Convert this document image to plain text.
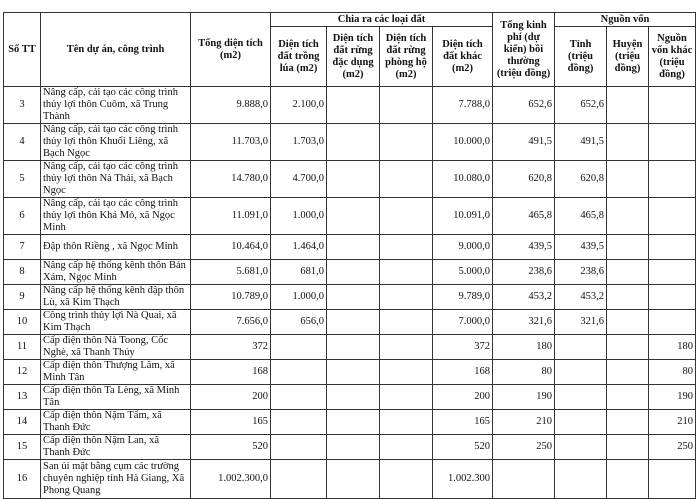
Số TT	Tên dự án, công trình	Tổng diện tích (m2)	Chia ra các loại đất				Tổng kinh phí (dự kiến) bồi thường (triệu đồng)	Nguồn vốn		
			Diện tích đất trồng lúa (m2)	Diện tích đất rừng đặc dụng (m2)	Diện tích đất rừng phòng hộ (m2)	Diện tích đất khác (m2)		Tỉnh (triệu đồng)	Huyện (triệu đồng)	Nguồn vốn khác (triệu đồng)
3	Nâng cấp, cải tạo các công trình thủy lợi thôn Cuôm, xã Trung Thành	9.888,0	2.100,0			7.788,0	652,6	652,6		
4	Nâng cấp, cải tạo các công trình thủy lợi thôn Khuổi Liêng, xã Bạch Ngọc	11.703,0	1.703,0			10.000,0	491,5	491,5		
5	Nâng cấp, cải tạo các công trình thủy lợi thôn Nà Thái, xã Bạch Ngọc	14.780,0	4.700,0			10.080,0	620,8	620,8		
6	Nâng cấp, cải tạo các công trình thủy lợi thôn Khả Mỏ, xã Ngọc Minh	11.091,0	1.000,0			10.091,0	465,8	465,8		
7	Đập thôn Riềng , xã Ngọc Minh	10.464,0	1.464,0			9.000,0	439,5	439,5		
8	Nâng cấp hệ thống kênh thôn Bản Xám, Ngọc Minh	5.681,0	681,0			5.000,0	238,6	238,6		
9	Nâng cấp hệ thống kênh đập thôn Lù, xã Kim Thạch	10.789,0	1.000,0			9.789,0	453,2	453,2		
10	Công trình thủy lợi Nà Quai, xã Kim Thạch	7.656,0	656,0			7.000,0	321,6	321,6		
11	Cấp điện thôn Nà Toong, Cốc Nghè, xã Thanh Thủy	372				372	180			180
12	Cấp điện thôn Thượng Lâm, xã Minh Tân	168				168	80			80
13	Cấp điện thôn Ta Lèng, xã Minh Tân	200				200	190			190
14	Cấp điện thôn Nặm Tẩm, xã Thanh Đức	165				165	210			210
15	Cấp điện thôn Nặm Lan, xã Thanh Đức	520				520	250			250
16	San ủi mặt bằng cụm các trường chuyên nghiệp tỉnh Hà Giang, Xã Phong Quang	1.002.300,0				1.002.300				
